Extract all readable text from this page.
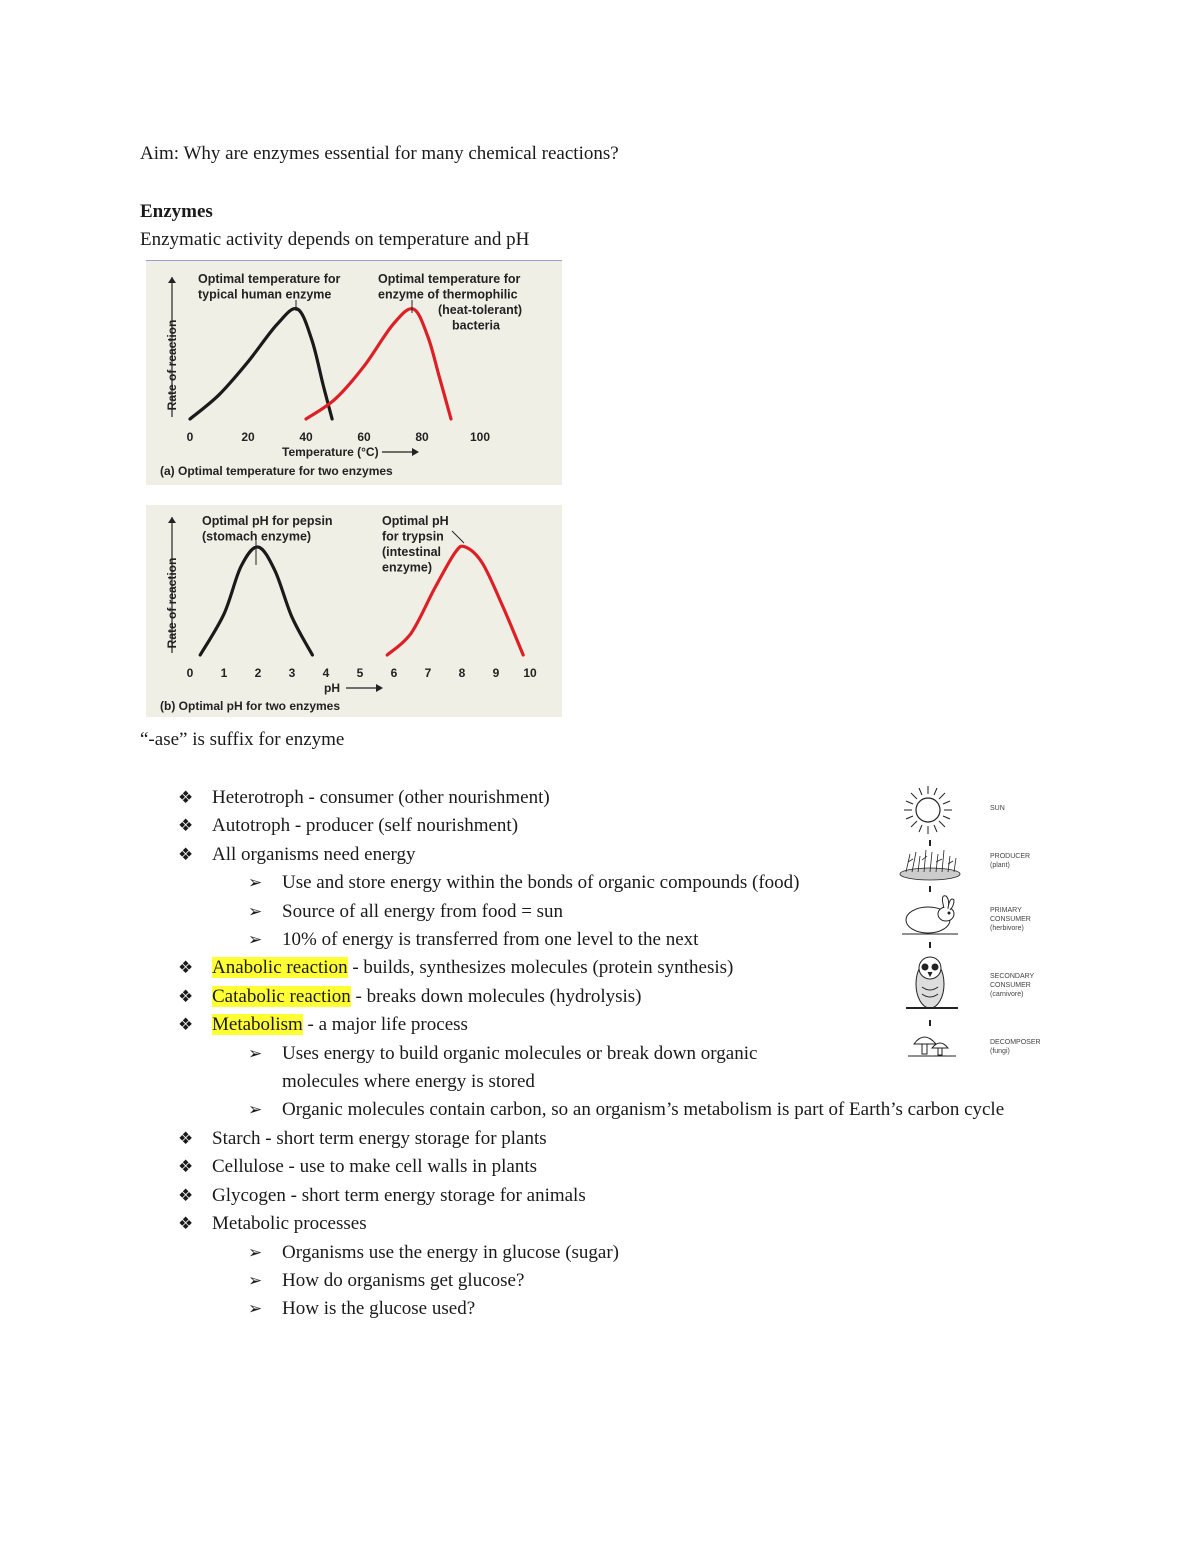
Aim: Why are enzymes essential for many chemical reactions?
Enzymes
Enzymatic activity depends on temperature and pH
Rate of reaction
0	20	40	60	80	100
Temperature (°C)
(a) Optimal temperature for two enzymes
Optimal temperature for
typical human enzyme
Optimal temperature for
enzyme of thermophilic
(heat-tolerant)
bacteria
Rate of reaction
0 1 2 3 4 5 6 7 8 9 10
pH
(b) Optimal pH for two enzymes
Optimal pH for pepsin
(stomach enzyme)
Optimal pH
for trypsin
(intestinal
enzyme)
“-ase” is suffix for enzyme
❖ Heterotroph - consumer (other nourishment)
❖ Autotroph - producer (self nourishment)
❖ All organisms need energy
➢ Use and store energy within the bonds of organic compounds (food)
➢ Source of all energy from food = sun
➢ 10% of energy is transferred from one level to the next
❖ Anabolic reaction - builds, synthesizes molecules (protein synthesis)
❖ Catabolic reaction - breaks down molecules (hydrolysis)
❖ Metabolism - a major life process
➢ Uses energy to build organic molecules or break down organic molecules where energy is stored
➢ Organic molecules contain carbon, so an organism’s metabolism is part of Earth’s carbon cycle
❖ Starch - short term energy storage for plants
❖ Cellulose - use to make cell walls in plants
❖ Glycogen - short term energy storage for animals
❖ Metabolic processes
➢ Organisms use the energy in glucose (sugar)
➢ How do organisms get glucose?
➢ How is the glucose used?
SUN
PRODUCER
(plant)
PRIMARY
CONSUMER
(herbivore)
SECONDARY
CONSUMER
(carnivore)
DECOMPOSER
(fungi)
